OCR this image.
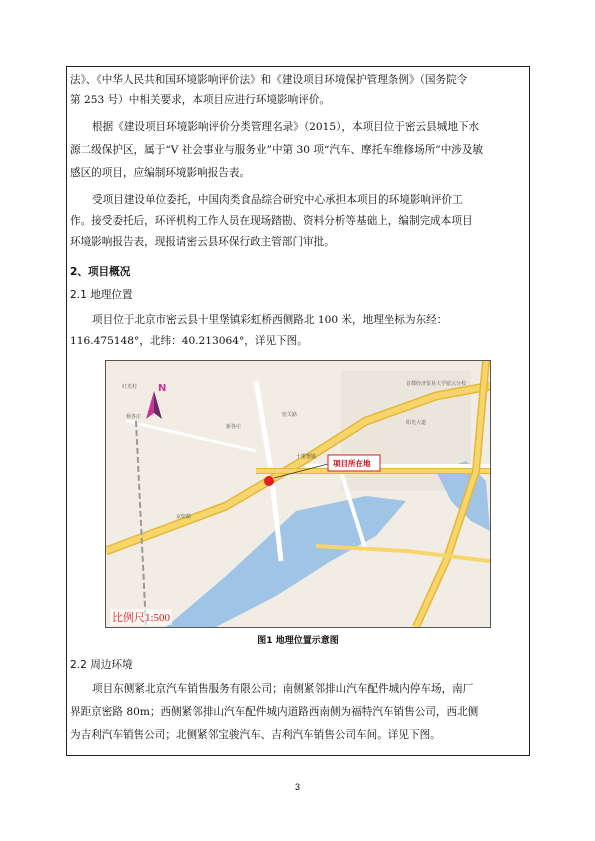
法》、《中华人民共和国环境影响评价法》和《建设项目环境保护管理条例》（国务院令

第 253 号）中相关要求，本项目应进行环境影响评价。

根据《建设项目环境影响评价分类管理名录》（2015），本项目位于密云县城地下水

源二级保护区，属于“V 社会事业与服务业”中第 30 项“汽车、摩托车维修场所”中涉及敏

感区的项目，应编制环境影响报告表。

受项目建设单位委托，中国肉类食品综合研究中心承担本项目的环境影响评价工

作。接受委托后，环评机构工作人员在现场踏勘、资料分析等基础上，编制完成本项目

环境影响报告表，现报请密云县环保行政主管部门审批。

2、项目概况

2.1 地理位置

项目位于北京市密云县十里堡镇彩虹桥西侧路北 100 米，地理坐标为东经：

116.475148°，北纬：40.213064°，详见下图。

N
项目所在地
红光村
杨各庄
新各庄
首都经济贸易大学密云分校
阳光大道
十里堡镇
密关路
京密路
比例尺1:500
图1 地理位置示意图

2.2 周边环境

项目东侧紧北京汽车销售服务有限公司；南侧紧邻排山汽车配件城内停车场，南厂

界距京密路 80m；西侧紧邻排山汽车配件城内道路西南侧为福特汽车销售公司，西北侧

为吉利汽车销售公司；北侧紧邻宝骏汽车、吉利汽车销售公司车间。详见下图。

3
